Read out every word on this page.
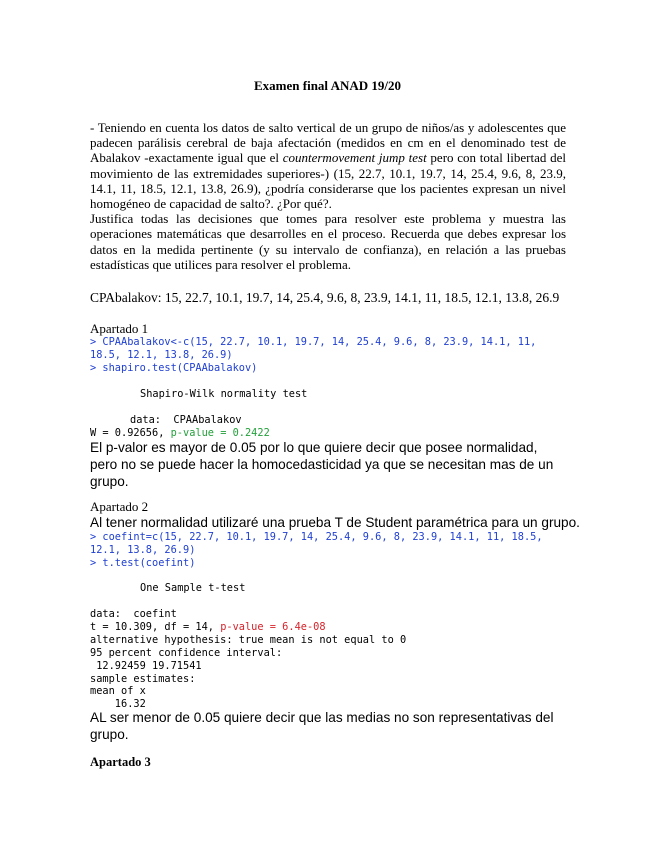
Examen final ANAD 19/20

- Teniendo en cuenta los datos de salto vertical de un grupo de niños/as y adolescentes que padecen parálisis cerebral de baja afectación (medidos en cm en el denominado test de Abalakov -exactamente igual que el countermovement jump test pero con total libertad del movimiento de las extremidades superiores-) (15, 22.7, 10.1, 19.7, 14, 25.4, 9.6, 8, 23.9, 14.1, 11, 18.5, 12.1, 13.8, 26.9), ¿podría considerarse que los pacientes expresan un nivel homogéneo de capacidad de salto?. ¿Por qué?.

Justifica todas las decisiones que tomes para resolver este problema y muestra las operaciones matemáticas que desarrolles en el proceso. Recuerda que debes expresar los datos en la medida pertinente (y su intervalo de confianza), en relación a las pruebas estadísticas que utilices para resolver el problema.

CPAbalakov: 15, 22.7, 10.1, 19.7, 14, 25.4, 9.6, 8, 23.9, 14.1, 11, 18.5, 12.1, 13.8, 26.9
Apartado 1
> CPAAbalakov<-c(15, 22.7, 10.1, 19.7, 14, 25.4, 9.6, 8, 23.9, 14.1, 11,
18.5, 12.1, 13.8, 26.9)
> shapiro.test(CPAAbalakov)
Shapiro-Wilk normality test
data:  CPAAbalakov
W = 0.92656, p-value = 0.2422

El p-valor es mayor de 0.05 por lo que quiere decir que posee normalidad, pero no se puede hacer la homocedasticidad ya que se necesitan mas de un grupo.

Apartado 2
Al tener normalidad utilizaré una prueba T de Student paramétrica para un grupo.
> coefint=c(15, 22.7, 10.1, 19.7, 14, 25.4, 9.6, 8, 23.9, 14.1, 11, 18.5,
12.1, 13.8, 26.9)
> t.test(coefint)
One Sample t-test
data:  coefint
t = 10.309, df = 14, p-value = 6.4e-08
alternative hypothesis: true mean is not equal to 0
95 percent confidence interval:
12.92459 19.71541
sample estimates:
mean of x
16.32

AL ser menor de 0.05 quiere decir que las medias no son representativas del grupo.

Apartado 3
